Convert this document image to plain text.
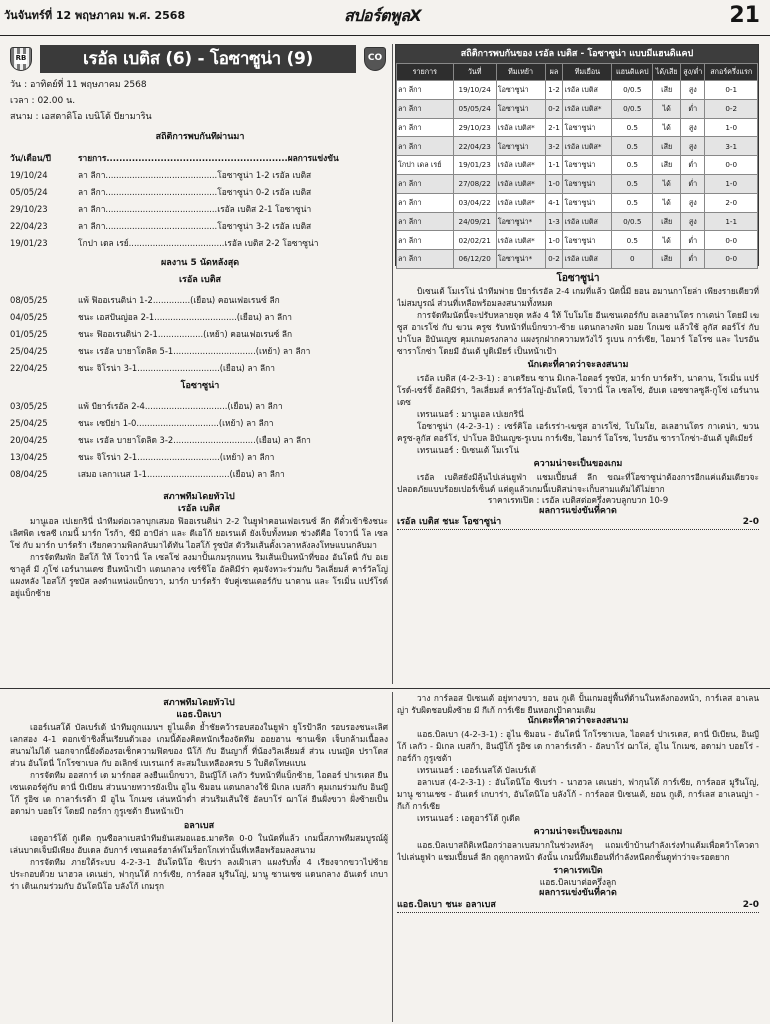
วันจันทร์ที่ 12 พฤษภาคม พ.ศ. 2568	สปอร์ตพูลX	21
RB	เรอัล เบติส (6) - โอซาซูน่า (9)	CO
วัน : อาทิตย์ที่ 11 พฤษภาคม 2568
เวลา : 02.00 น.
สนาม : เอสตาดิโอ เบนิโต้ บียามาริน
สถิติการพบกันที่ผ่านมา
วัน/เดือน/ปี	รายการ.........................................................ผลการแข่งขัน
19/10/24	ลา ลีกา..........................................โอซาซูน่า 1-2 เรอัล เบติส
05/05/24	ลา ลีกา..........................................โอซาซูน่า 0-2 เรอัล เบติส
29/10/23	ลา ลีกา..........................................เรอัล เบติส 2-1 โอซาซูน่า
22/04/23	ลา ลีกา..........................................โอซาซูน่า 3-2 เรอัล เบติส
19/01/23	โกปา เดล เรย์....................................เรอัล เบติส 2-2 โอซาซูน่า
ผลงาน 5 นัดหลังสุด
เรอัล เบติส
08/05/25	แพ้ ฟิออเรนติน่า 1-2..............(เยือน) คอนเฟอเรนซ์ ลีก
04/05/25	ชนะ เอสปันญ่อล 2-1...............................(เยือน) ลา ลีกา
01/05/25	ชนะ ฟิออเรนติน่า 2-1.................(เหย้า) คอนเฟอเรนซ์ ลีก
25/04/25	ชนะ เรอัล บายาโดลิด 5-1...............................(เหย้า) ลา ลีกา
22/04/25	ชนะ จิโรน่า 3-1...............................(เยือน) ลา ลีกา
โอซาซูน่า
03/05/25	แพ้ บียาร์เรอัล 2-4...............................(เยือน) ลา ลีกา
25/04/25	ชนะ เซบีย่า 1-0...............................(เหย้า) ลา ลีกา
20/04/25	ชนะ เรอัล บายาโดลิด 3-2...............................(เยือน) ลา ลีกา
13/04/25	ชนะ จิโรน่า 2-1...............................(เหย้า) ลา ลีกา
08/04/25	เสมอ เลกาเนส 1-1...............................(เยือน) ลา ลีกา
สถิติการพบกันของ เรอัล เบติส - โอซาซูน่า แบบมีแฮนดิแคป
รายการ	วันที่	ทีมเหย้า	ผล	ทีมเยือน	แฮนดิแคป	ได้/เสีย	สูง/ต่ำ	สกอร์ครึ่งแรก
ลา ลีกา	19/10/24	โอซาซูน่า	1-2	เรอัล เบติส	0/0.5	เสีย	สูง	0-1
ลา ลีกา	05/05/24	โอซาซูน่า	0-2	เรอัล เบติส*	0/0.5	ได้	ต่ำ	0-2
ลา ลีกา	29/10/23	เรอัล เบติส*	2-1	โอซาซูน่า	0.5	ได้	สูง	1-0
ลา ลีกา	22/04/23	โอซาซูน่า	3-2	เรอัล เบติส*	0.5	เสีย	สูง	3-1
โกปา เดล เรย์	19/01/23	เรอัล เบติส*	1-1	โอซาซูน่า	0.5	เสีย	ต่ำ	0-0
ลา ลีกา	27/08/22	เรอัล เบติส*	1-0	โอซาซูน่า	0.5	ได้	ต่ำ	1-0
ลา ลีกา	03/04/22	เรอัล เบติส*	4-1	โอซาซูน่า	0.5	ได้	สูง	2-0
ลา ลีกา	24/09/21	โอซาซูน่า*	1-3	เรอัล เบติส	0/0.5	เสีย	สูง	1-1
ลา ลีกา	02/02/21	เรอัล เบติส*	1-0	โอซาซูน่า	0.5	ได้	ต่ำ	0-0
ลา ลีกา	06/12/20	โอซาซูน่า*	0-2	เรอัล เบติส	0	เสีย	ต่ำ	0-0
โอซาซูน่า

บิเซนเต้ โมเรโน่ นำทีมพ่าย บียาร์เรอัล 2-4 เกมที่แล้ว นัดนี้มี ยอน อมานกาโยล่า เพียงรายเดียวที่ไม่สมบูรณ์ ส่วนที่เหลือพร้อมลงสนามทั้งหมด

การจัดทีมนัดนี้จะปรับหลายจุด หลัง 4 ให้ โบโมโย อีนเซนเตอร์กับ อเลฮานโดร กาเตน่า โดยมี เฆซูส อาเรโซ่ กับ ฆวน ครูซ รับหน้าที่แบ็กขวา-ซ้าย แดนกลางพัก มอย โกเมซ แล้วใช้ ลูกัส ตอร์โร่ กับ ปาโบล อิบันเญซ คุมเกมตรงกลาง แผงรุกฝากความหวังไว้ รูเบน การ์เซีย, ไอมาร์ โอโรซ และ ไบรอัน ซาราโกซ่า โดยมี อันเต้ บูดิเมียร์ เป็นหน้าเป้า

นักเตะที่คาดว่าจะลงสนาม

เรอัล เบติส (4-2-3-1) : อาเดรียน ซาน มิเกล-ไอตอร์ รูซบัส, มาร์ก บาร์ตร้า, นาตาน, โรเมิ่น แปร์โรด์-เซร์จี้ อัลติมีร่า, วิลเลี่ยมส์ คาร์วัลโญ่-อันโตนี่, โจวานี่ โล เซลโซ่, อับเด เอซซาลซูลี-กูโซ่ เอร์นานเดซ

เทรนเนอร์ : มานูเอล เปเยกรินี่

โอซาซูน่า (4-2-3-1) : เซร์คิโอ เอร์เรร่า-เฆซูส อาเรโซ่, โบโมโย, อเลฮานโดร กาเตน่า, ฆวน ครูซ-ลูกัส ตอร์โร่, ปาโบล อิบันเญซ-รูเบน การ์เซีย, ไอมาร์ โอโรซ, ไบรอัน ซาราโกซ่า-อันเต้ บูดิเมียร์

เทรนเนอร์ : บิเซนเต้ โมเรโน่

ความน่าจะเป็นของเกม

เรอัล เบติสยังมีลุ้นไปเล่นยูฟ่า แชมเปี้ยนส์ ลีก ขณะที่โอซาซูน่าต้องการอีกแค่แต้มเดียวจะปลอดภัยแบบร้อยเปอร์เซ็นต์ แต่ดูแล้วเกมนี้เบติสน่าจะเก็บสามแต้มได้ไม่ยาก

ราคาเรทเปิด : เรอัล เบติสต่อครึ่งควบลูกบวก 10-9
ผลการแข่งขันที่คาด
เรอัล เบติส ชนะ โอซาซูน่า	2-0
สภาพทีมโดยทั่วไป
เรอัล เบติส

มานูเอล เปเยกรินี่ นำทีมต่อเวลาบุกเสมอ ฟิออเรนติน่า 2-2 ในยูฟ่าคอนเฟอเรนซ์ ลีก ตีตั๋วเข้าชิงชนะเลิศพิด เชลซี เกมนี้ มาร์ก โรก้า, ซีมี อาบีล่า และ ดีเอโก้ ยอเรนเต้ ยังเจ็บทั้งหมด ช่วงดีคือ โจวานี่ โล เซลโซ่ กับ มาร์ก บาร์ตร้า เรียกความพิลกลับมาได้ทัน ไอสโก้ รูซบัส ตัวริมเส้นตั้งเวลาหลังลงโทษแบนกลับมา

การจัดทีมพัก อิสโก้ ให้ โจวานี่ โล เซลโซ่ ลงมาปั้นเกมรุกแทน ริมเส้นเป็นหน้าที่ของ อันโตนี่ กับ อเยซาลูส์ มี ภูโซ่ เอร์นานเดซ ยืนหน้าเป้า แดนกลาง เซร์ชิโอ อัลติมีร่า คุมจังหวะร่วมกับ วิลเลี่ยมส์ คาร์วัลโญ่ แผงหลัง ไอสโก้ รูซบัส ลงตำแหน่งแบ็กขวา, มาร์ก บาร์ตร้า จับคู่เซนเตอร์กับ นาตาน และ โรเมิ่น แปร์โรด์ อยู่แบ็กซ้าย

สภาพทีมโดยทั่วไป
แอธ.บิลเบา

เออร์เนสโต้ บัลเบร์เด้ นำทีมถูกแมนฯ ยูไนเต็ด ย้ำชัยคว้ารอบสองในยูฟ่า ยูโรป้าลีก รอบรองชนะเลิศ เลกสอง 4-1 ตอกเข้าชิงสิ้นเรียนด้วเอง เกมนี้ต้องคิดหนักเรื่องจัดทีม ออยฮาน ซานเซ็ต เจ็บกล้ามเนื้อลงสนามไม่ได้ นอกจากนี้ยังต้องรอเช็กความฟิตของ นีโก้ กับ อีนญากี้ ที่น้องวิลเลี่ยมส์ ส่วน เบนญัต ปราโดส ส่วน อันโดนี่ โกโรซาเบล กับ อเลิกซ์ เบเรนเกร์ สะสมใบเหลืองครบ 5 ใบติดโทษแบน

การจัดทีม ออสการ์ เด มาร์กอส ลงยืนแบ็กขวา, อินญีโก้ เลกัว รับหน้าที่แบ็กซ้าย, ไอตอร์ ปาเรเดส ยืนเซนเตอร์คู่กับ ดานี่ บีเบียน ส่วนนายทวารยังเป็น อูไน ซิมอน แดนกลางใช้ มิเกล เบสก้า คุมเกมร่วมกับ อินญีโก้ รูอิซ เด กาลาร์เรต้า มี อูไน โกเมซ เล่นหน้าต่ำ ส่วนริมเส้นใช้ อัลบาโร่ ฌาโล่ ยืนฝั่งขวา ฝั่งซ้ายเป็น อดาม่า บอยโร่ โดยมี กอร์กา กูรูเซต้า ยืนหน้าเป้า

อลาเบส

เอดูอาร์โด้ กูเดีต กุนซือลาเบสนำทีมยันเสมอแอธ.มาดริด 0-0 ในนัดที่แล้ว เกมนี้สภาพทีมสมบูรณ์ผู้เล่นบาดเจ็บมีเพียง อับเดล อับการ์ เซนเตอร์ฮาล์ฟโมร็อกโกเท่านั้นที่เหลือพร้อมลงสนาม

การจัดทีม ภายใต้ระบบ 4-2-3-1 อันโตนิโอ ซิเบร่า ลงเฝ้าเสา แผงรับทั้ง 4 เรียงจากขวาไปซ้ายประกอบด้วย นาฮวล เตเนย่า, ฟากุนโด้ การ์เซีย, การ์ลอส มูรีนโญ่, มานู ซานเชซ แดนกลาง อันเดร์ เกบาร่า เดินเกมร่วมกับ อันโตนิโอ บลังโก้ เกมรุก

วาง การ์ลอส บิเซนเต้ อยู่ทางขวา, ยอน กูเดิ ปั้นเกมอยู่พื้นที่ด้านในหลังกองหน้า, การ์เลส อาเลนญ่า รับผิดชอบฝั่งซ้าย มี กีเก้ การ์เซีย ยืนหอกเป้าตามเดิม

นักเตะที่คาดว่าจะลงสนาม

แอธ.บิลเบา (4-2-3-1) : อูไน ซิมอน - อันโดนี่ โกโรซาเบล, ไอตอร์ ปาเรเดส, ดานี่ บีเบียน, อินญีโก้ เลกัว - มิเกล เบสก้า, อินญีโก้ รูอิซ เด กาลาร์เรต้า - อัลบาโร่ ฌาโล่, อูไน โกเมซ, อดาม่า บอยโร่ - กอร์ก้า กูรูเซต้า

เทรนเนอร์ : เออร์เนสโต้ บัลเบร์เด้

อลาเบส (4-2-3-1) : อันโตนิโอ ซิเบร่า - นาฮวล เตเนย่า, ฟากุนโด้ การ์เซีย, การ์ลอส มูรีนโญ่, มานู ซานเชซ - อันเดร์ เกบาร่า, อันโตนิโอ บลังโก้ - การ์ลอส บิเซนเต้, ยอน กูเดิ, การ์เลส อาเลนญ่า - กีเก้ การ์เซีย

เทรนเนอร์ : เอดูอาร์โด้ กูเดีต

ความน่าจะเป็นของเกม

แอธ.บิลเบาสถิติเหนือกว่าอลาเบสมากในช่วงหลังๆ แถมเข้าบ้านกำลังเร่งทำแต้มเพื่อคว้าโควตาไปเล่นยูฟ่า แชมเปี้ยนส์ ลีก ฤดูกาลหน้า ดังนั้น เกมนี้ทีมเยือนที่กำลังหนีตกชั้นดูท่าว่าจะรอดยาก

ราคาเรทเปิด
แอธ.บิลเบาต่อครึ่งลูก
ผลการแข่งขันที่คาด
แอธ.บิลเบา ชนะ อลาเบส	2-0
